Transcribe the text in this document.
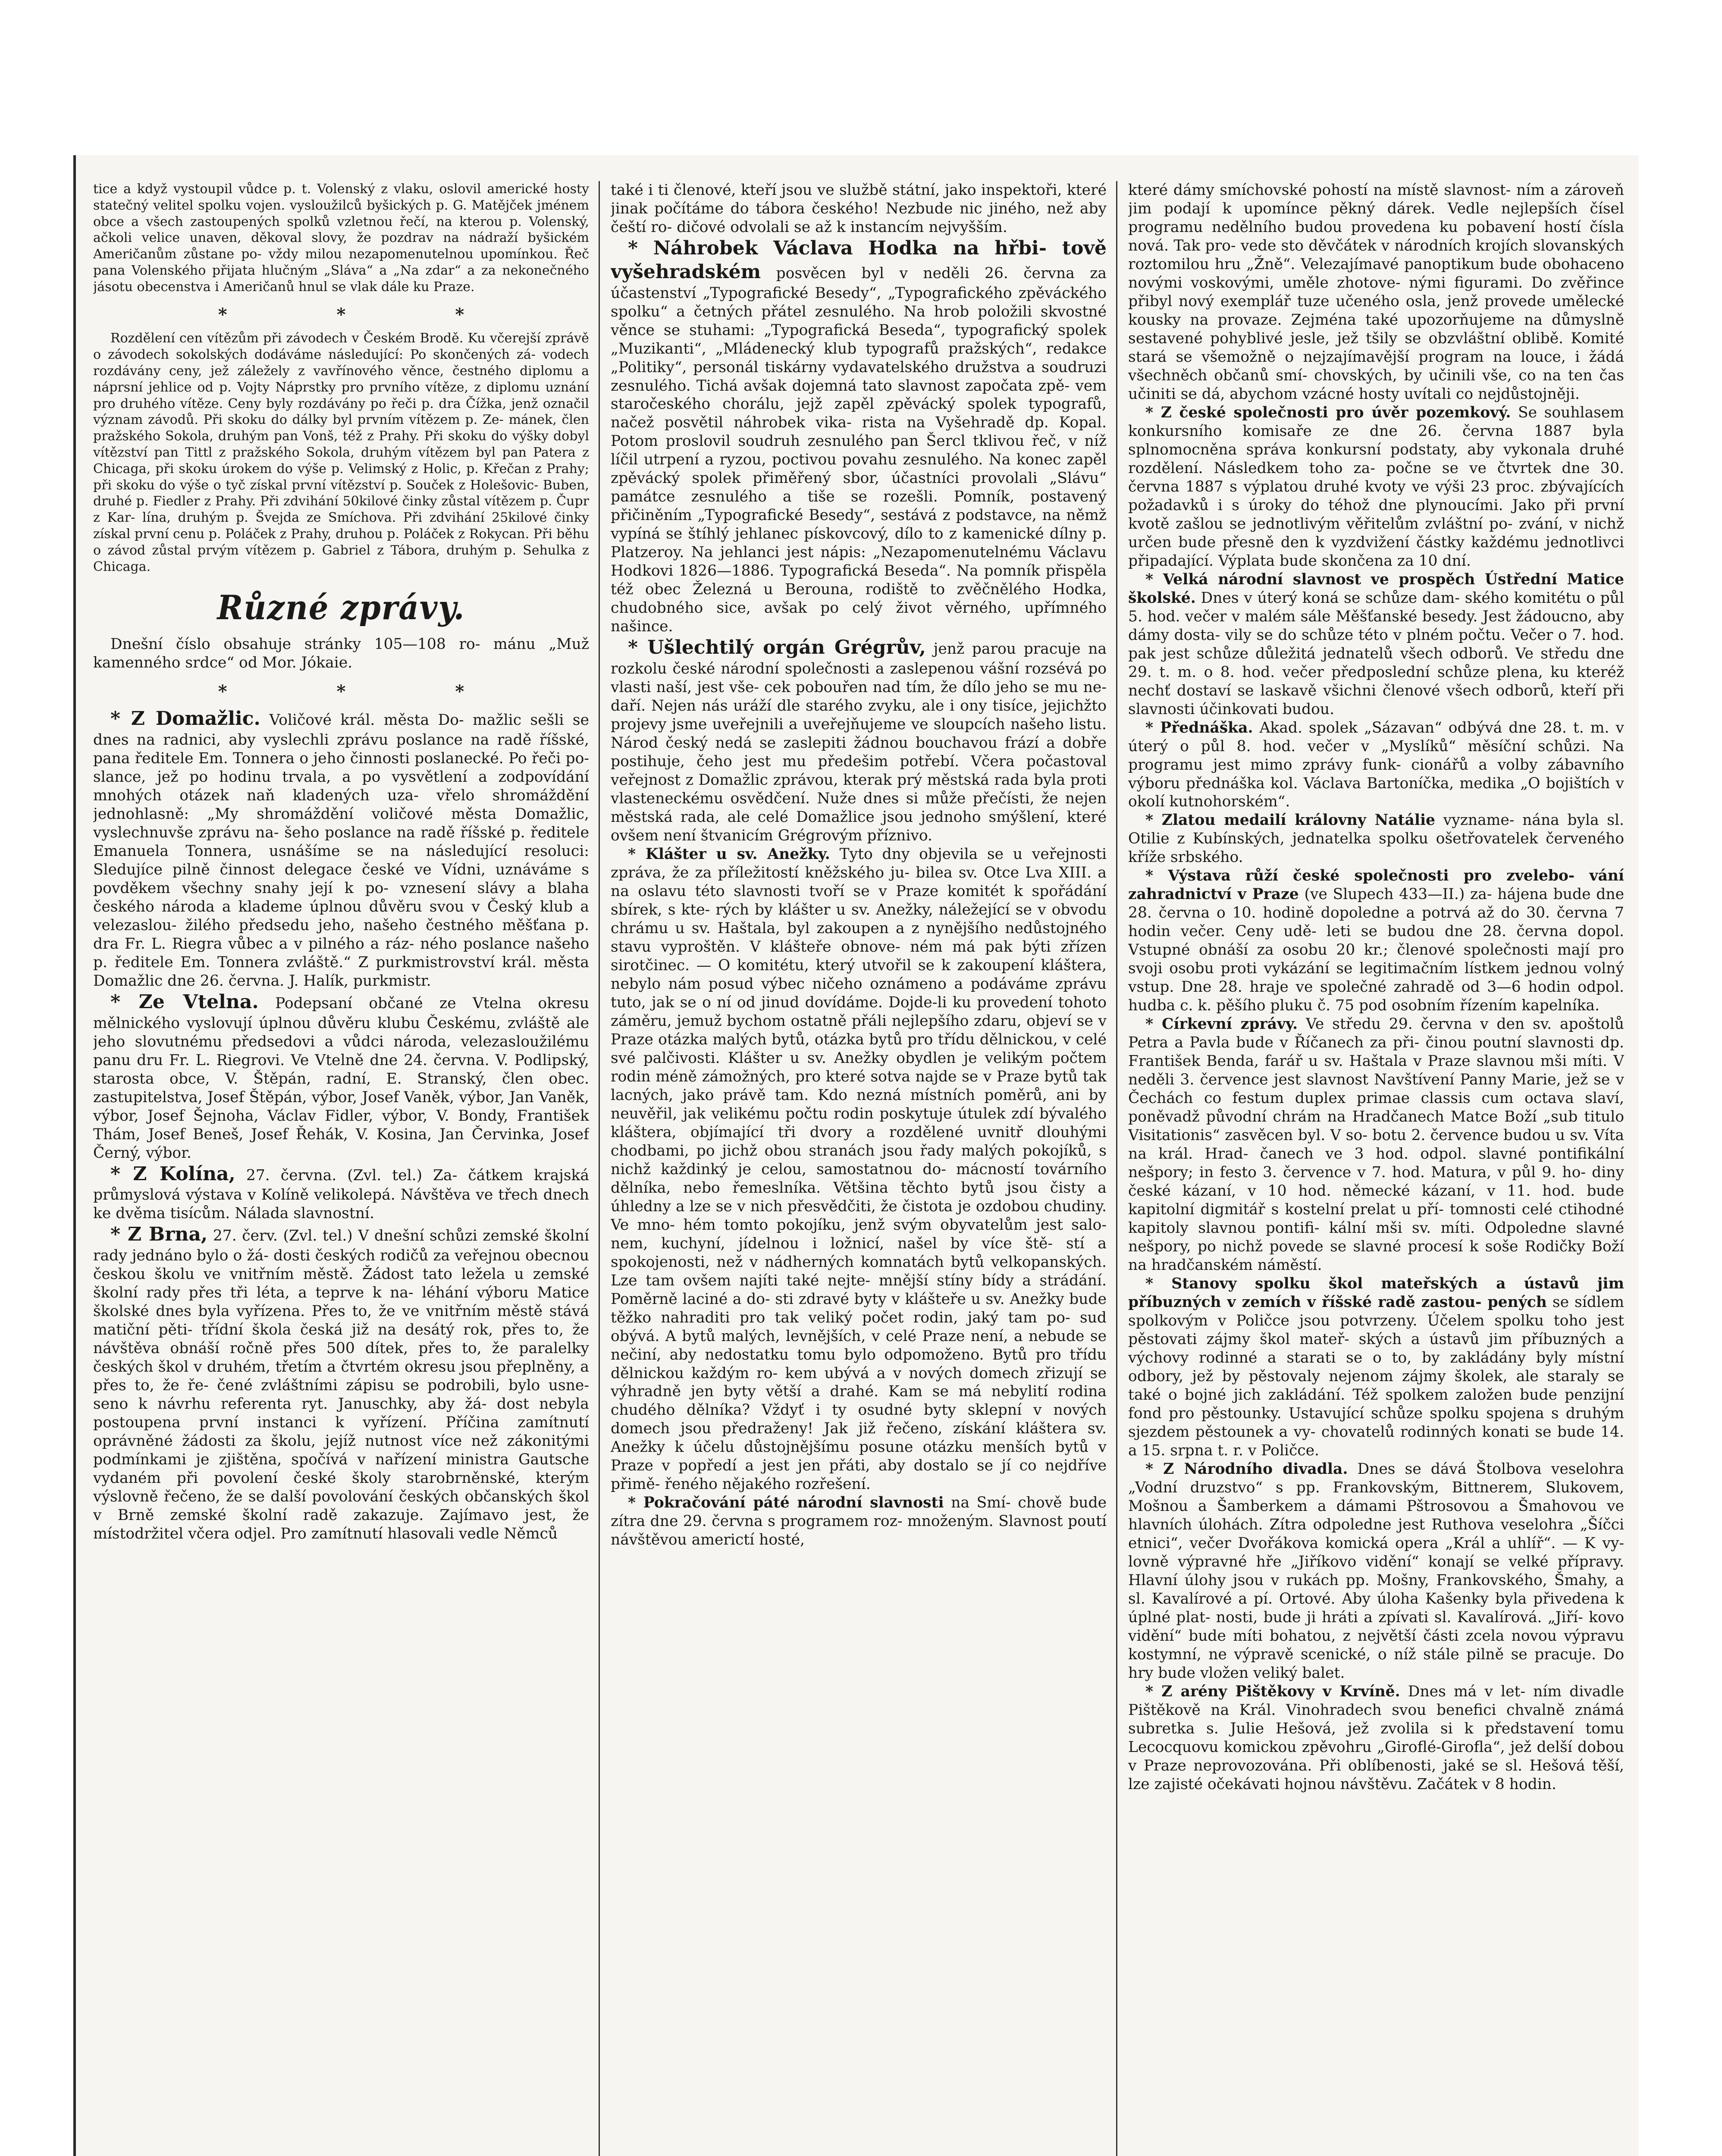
tice a když vystoupil vůdce p. t. Volenský z vlaku, oslovil americké hosty statečný velitel spolku vojen. vysloužilců byšických p. G. Matějček jménem obce a všech zastoupených spolků vzletnou řečí, na kterou p. Volenský, ačkoli velice unaven, děkoval slovy, že pozdrav na nádraží byšickém Američanům zůstane po- vždy milou nezapomenutelnou upomínkou. Řeč pana Volenského přijata hlučným „Sláva“ a „Na zdar“ a za nekonečného jásotu obecenstva i Američanů hnul se vlak dále ku Praze.

* * *

Rozdělení cen vítězům při závodech v Českém Brodě. Ku včerejší zprávě o závodech sokolských dodáváme následující: Po skončených zá- vodech rozdávány ceny, jež záležely z vavřínového věnce, čestného diplomu a náprsní jehlice od p. Vojty Náprstky pro prvního vítěze, z diplomu uznání pro druhého vítěze. Ceny byly rozdávány po řeči p. dra Čížka, jenž označil význam závodů. Při skoku do dálky byl prvním vítězem p. Ze- mánek, člen pražského Sokola, druhým pan Vonš, též z Prahy. Při skoku do výšky dobyl vítězství pan Tittl z pražského Sokola, druhým vítězem byl pan Patera z Chicaga, při skoku úrokem do výše p. Velimský z Holic, p. Křečan z Prahy; při skoku do výše o tyč získal první vítězství p. Souček z Holešovic- Buben, druhé p. Fiedler z Prahy. Při zdvihání 50kilové činky zůstal vítězem p. Čupr z Kar- lína, druhým p. Švejda ze Smíchova. Při zdvihání 25kilové činky získal první cenu p. Poláček z Prahy, druhou p. Poláček z Rokycan. Při běhu o závod zůstal prvým vítězem p. Gabriel z Tábora, druhým p. Sehulka z Chicaga.

Různé zprávy.

Dnešní číslo obsahuje stránky 105—108 ro- mánu „Muž kamenného srdce“ od Mor. Jókaie.

* * *

* Z Domažlic. Voličové král. města Do- mažlic sešli se dnes na radnici, aby vyslechli zprávu poslance na radě říšské, pana ředitele Em. Tonnera o jeho činnosti poslanecké. Po řeči po- slance, jež po hodinu trvala, a po vysvětlení a zodpovídání mnohých otázek naň kladených uza- vřelo shromáždění jednohlasně: „My shromáždění voličové města Domažlic, vyslechnuvše zprávu na- šeho poslance na radě říšské p. ředitele Emanuela Tonnera, usnášíme se na následující resoluci: Sledujíce pilně činnost delegace české ve Vídni, uznáváme s povděkem všechny snahy její k po- vznesení slávy a blaha českého národa a klademe úplnou důvěru svou v Český klub a velezaslou- žilého předsedu jeho, našeho čestného měšťana p. dra Fr. L. Riegra vůbec a v pilného a ráz- ného poslance našeho p. ředitele Em. Tonnera zvláště.“ Z purkmistrovství král. města Domažlic dne 26. června. J. Halík, purkmistr.

* Ze Vtelna. Podepsaní občané ze Vtelna okresu mělnického vyslovují úplnou důvěru klubu Českému, zvláště ale jeho slovutnému předsedovi a vůdci národa, velezasloužilému panu dru Fr. L. Riegrovi. Ve Vtelně dne 24. června. V. Podlipský, starosta obce, V. Štěpán, radní, E. Stranský, člen obec. zastupitelstva, Josef Štěpán, výbor, Josef Vaněk, výbor, Jan Vaněk, výbor, Josef Šejnoha, Václav Fidler, výbor, V. Bondy, František Thám, Josef Beneš, Josef Řehák, V. Kosina, Jan Červinka, Josef Černý, výbor.

* Z Kolína, 27. června. (Zvl. tel.) Za- čátkem krajská průmyslová výstava v Kolíně velikolepá. Návštěva ve třech dnech ke dvěma tisícům. Nálada slavnostní.

* Z Brna, 27. červ. (Zvl. tel.) V dnešní schůzi zemské školní rady jednáno bylo o žá- dosti českých rodičů za veřejnou obecnou českou školu ve vnitřním městě. Žádost tato ležela u zemské školní rady přes tři léta, a teprve k na- léhání výboru Matice školské dnes byla vyřízena. Přes to, že ve vnitřním městě stává matiční pěti- třídní škola česká již na desátý rok, přes to, že návštěva obnáší ročně přes 500 dítek, přes to, že paralelky českých škol v druhém, třetím a čtvrtém okresu jsou přeplněny, a přes to, že ře- čené zvláštními zápisu se podrobili, bylo usne- seno k návrhu referenta ryt. Januschky, aby žá- dost nebyla postoupena první instanci k vyřízení. Příčina zamítnutí oprávněné žádosti za školu, jejíž nutnost více než zákonitými podmínkami je zjištěna, spočívá v nařízení ministra Gautsche vydaném při povolení české školy starobrněnské, kterým výslovně řečeno, že se další povolování českých občanských škol v Brně zemské školní radě zakazuje. Zajímavo jest, že místodržitel včera odjel. Pro zamítnutí hlasovali vedle Němců

také i ti členové, kteří jsou ve službě státní, jako inspektoři, které jinak počítáme do tábora českého! Nezbude nic jiného, než aby čeští ro- dičové odvolali se až k instancím nejvyšším.

* Náhrobek Václava Hodka na hřbi- tově vyšehradském posvěcen byl v neděli 26. června za účastenství „Typografické Besedy“, „Typografického zpěváckého spolku“ a četných přátel zesnulého. Na hrob položili skvostné věnce se stuhami: „Typografická Beseda“, typografický spolek „Muzikanti“, „Mládenecký klub typografů pražských“, redakce „Politiky“, personál tiskárny vydavatelského družstva a soudruzi zesnulého. Tichá avšak dojemná tato slavnost započata zpě- vem staročeského chorálu, jejž zapěl zpěvácký spolek typografů, načež posvětil náhrobek vika- rista na Vyšehradě dp. Kopal. Potom proslovil soudruh zesnulého pan Šercl tklivou řeč, v níž líčil utrpení a ryzou, poctivou povahu zesnulého. Na konec zapěl zpěvácký spolek přiměřený sbor, účastníci provolali „Slávu“ památce zesnulého a tiše se rozešli. Pomník, postavený přičiněním „Typografické Besedy“, sestává z podstavce, na němž vypíná se štíhlý jehlanec pískovcový, dílo to z kamenické dílny p. Platzeroy. Na jehlanci jest nápis: „Nezapomenutelnému Václavu Hodkovi 1826—1886. Typografická Beseda“. Na pomník přispěla též obec Železná u Berouna, rodiště to zvěčnělého Hodka, chudobného sice, avšak po celý život věrného, upřímného našince.

* Ušlechtilý orgán Grégrův, jenž parou pracuje na rozkolu české národní společnosti a zaslepenou vášní rozsévá po vlasti naší, jest vše- cek pobouřen nad tím, že dílo jeho se mu ne- daří. Nejen nás uráží dle starého zvyku, ale i ony tisíce, jejichžto projevy jsme uveřejnili a uveřejňujeme ve sloupcích našeho listu. Národ český nedá se zaslepiti žádnou bouchavou frází a dobře postihuje, čeho jest mu předešim potřebí. Včera počastoval veřejnost z Domažlic zprávou, kterak prý městská rada byla proti vlasteneckému osvědčení. Nuže dnes si může přečísti, že nejen městská rada, ale celé Domažlice jsou jednoho smýšlení, které ovšem není štvanicím Grégrovým příznivo.

* Klášter u sv. Anežky. Tyto dny objevila se u veřejnosti zpráva, že za příležitostí kněžského ju- bilea sv. Otce Lva XIII. a na oslavu této slavnosti tvoří se v Praze komitét k spořádání sbírek, s kte- rých by klášter u sv. Anežky, náležející se v obvodu chrámu u sv. Haštala, byl zakoupen a z nynějšího nedůstojného stavu vyproštěn. V klášteře obnove- ném má pak býti zřízen sirotčinec. — O komitétu, který utvořil se k zakoupení kláštera, nebylo nám posud výbec ničeho oznámeno a podáváme zprávu tuto, jak se o ní od jinud dovídáme. Dojde-li ku provedení tohoto záměru, jemuž bychom ostatně přáli nejlepšího zdaru, objeví se v Praze otázka malých bytů, otázka bytů pro třídu dělnickou, v celé své palčivosti. Klášter u sv. Anežky obydlen je velikým počtem rodin méně zámožných, pro které sotva najde se v Praze bytů tak lacných, jako právě tam. Kdo nezná místních poměrů, ani by neuvěřil, jak velikému počtu rodin poskytuje útulek zdí bývalého kláštera, objímající tři dvory a rozdělené uvnitř dlouhými chodbami, po jichž obou stranách jsou řady malých pokojíků, s nichž každinký je celou, samostatnou do- mácností továrního dělníka, nebo řemeslníka. Většina těchto bytů jsou čisty a úhledny a lze se v nich přesvědčiti, že čistota je ozdobou chudiny. Ve mno- hém tomto pokojíku, jenž svým obyvatelům jest salo- nem, kuchyní, jídelnou i ložnicí, našel by více ště- stí a spokojenosti, než v nádherných komnatách bytů velkopanských. Lze tam ovšem najíti také nejte- mnější stíny bídy a strádání. Poměrně laciné a do- sti zdravé byty v klášteře u sv. Anežky bude těžko nahraditi pro tak veliký počet rodin, jaký tam po- sud obývá. A bytů malých, levnějších, v celé Praze není, a nebude se nečiní, aby nedostatku tomu bylo odpomoženo. Bytů pro třídu dělnickou každým ro- kem ubývá a v nových domech zřizují se výhradně jen byty větší a drahé. Kam se má nebylití rodina chudého dělníka? Vždyť i ty osudné byty sklepní v nových domech jsou předraženy! Jak již řečeno, získání kláštera sv. Anežky k účelu důstojnějšímu posune otázku menších bytů v Praze v popředí a jest jen přáti, aby dostalo se jí co nejdříve přimě- řeného nějakého rozřešení.

* Pokračování páté národní slavnosti na Smí- chově bude zítra dne 29. června s programem roz- množeným. Slavnost poutí návštěvou americtí hosté,

které dámy smíchovské pohostí na místě slavnost- ním a zároveň jim podají k upomínce pěkný dárek. Vedle nejlepších čísel programu nedělního budou provedena ku pobavení hostí čísla nová. Tak pro- vede sto děvčátek v národních krojích slovanských roztomilou hru „Žně“. Velezajímavé panoptikum bude obohaceno novými voskovými, uměle zhotove- nými figurami. Do zvěřince přibyl nový exemplář tuze učeného osla, jenž provede umělecké kousky na provaze. Zejména také upozorňujeme na důmyslně sestavené pohyblivé jesle, jež tšily se obzvláštní oblibě. Komité stará se všemožně o nejzajímavější program na louce, i žádá všechněch občanů smí- chovských, by učinili vše, co na ten čas učiniti se dá, abychom vzácné hosty uvítali co nejdůstojněji.

* Z české společnosti pro úvěr pozemkový. Se souhlasem konkursního komisaře ze dne 26. června 1887 byla splnomocněna správa konkursní podstaty, aby vykonala druhé rozdělení. Následkem toho za- počne se ve čtvrtek dne 30. června 1887 s výplatou druhé kvoty ve výši 23 proc. zbývajících požadavků i s úroky do téhož dne plynoucími. Jako při první kvotě zašlou se jednotlivým věřitelům zvláštní po- zvání, v nichž určen bude přesně den k vyzdvižení částky každému jednotlivci připadající. Výplata bude skončena za 10 dní.

* Velká národní slavnost ve prospěch Ústřední Matice školské. Dnes v úterý koná se schůze dam- ského komitétu o půl 5. hod. večer v malém sále Měšťanské besedy. Jest žádoucno, aby dámy dosta- vily se do schůze této v plném počtu. Večer o 7. hod. pak jest schůze důležitá jednatelů všech odborů. Ve středu dne 29. t. m. o 8. hod. večer předposlední schůze plena, ku kteréž nechť dostaví se laskavě všichni členové všech odborů, kteří při slavnosti účinkovati budou.

* Přednáška. Akad. spolek „Sázavan“ odbývá dne 28. t. m. v úterý o půl 8. hod. večer v „Myslíků“ měsíční schůzi. Na programu jest mimo zprávy funk- cionářů a volby zábavního výboru přednáška kol. Václava Bartoníčka, medika „O bojištích v okolí kutnohorském“.

* Zlatou medailí královny Natálie vyzname- nána byla sl. Otilie z Kubínských, jednatelka spolku ošetřovatelek červeného kříže srbského.

* Výstava růží české společnosti pro zvelebo- vání zahradnictví v Praze (ve Slupech 433—II.) za- hájena bude dne 28. června o 10. hodině dopoledne a potrvá až do 30. června 7 hodin večer. Ceny udě- leti se budou dne 28. června dopol. Vstupné obnáší za osobu 20 kr.; členové společnosti mají pro svoji osobu proti vykázání se legitimačním lístkem jednou volný vstup. Dne 28. hraje ve společné zahradě od 3—6 hodin odpol. hudba c. k. pěšího pluku č. 75 pod osobním řízením kapelníka.

* Církevní zprávy. Ve středu 29. června v den sv. apoštolů Petra a Pavla bude v Říčanech za při- činou poutní slavnosti dp. František Benda, farář u sv. Haštala v Praze slavnou mši míti. V neděli 3. července jest slavnost Navštívení Panny Marie, jež se v Čechách co festum duplex primae classis cum octava slaví, poněvadž původní chrám na Hradčanech Matce Boží „sub titulo Visitationis“ zasvěcen byl. V so- botu 2. července budou u sv. Víta na král. Hrad- čanech ve 3 hod. odpol. slavné pontifikální nešpory; in festo 3. července v 7. hod. Matura, v půl 9. ho- diny české kázaní, v 10 hod. německé kázaní, v 11. hod. bude kapitolní digmitář s kostelní prelat u pří- tomnosti celé ctihodné kapitoly slavnou pontifi- kální mši sv. míti. Odpoledne slavné nešpory, po nichž povede se slavné procesí k soše Rodičky Boží na hradčanském náměstí.

* Stanovy spolku škol mateřských a ústavů jim příbuzných v zemích v říšské radě zastou- pených se sídlem spolkovým v Poličce jsou potvrzeny. Účelem spolku toho jest pěstovati zájmy škol mateř- ských a ústavů jim příbuzných a výchovy rodinné a starati se o to, by zakládány byly místní odbory, jež by pěstovaly nejenom zájmy školek, ale staraly se také o bojné jich zakládání. Též spolkem založen bude penzijní fond pro pěstounky. Ustavující schůze spolku spojena s druhým sjezdem pěstounek a vy- chovatelů rodinných konati se bude 14. a 15. srpna t. r. v Poličce.

* Z Národního divadla. Dnes se dává Štolbova veselohra „Vodní druzstvo“ s pp. Frankovským, Bittnerem, Slukovem, Mošnou a Šamberkem a dámami Pštrosovou a Šmahovou ve hlavních úlohách. Zítra odpoledne jest Ruthova veselohra „Šíčci etnici“, večer Dvořákova komická opera „Král a uhlíř“. — K vy- lovně výpravné hře „Jiříkovo vidění“ konají se velké přípravy. Hlavní úlohy jsou v rukách pp. Mošny, Frankovského, Šmahy, a sl. Kavalírové a pí. Ortové. Aby úloha Kašenky byla přivedena k úplné plat- nosti, bude ji hráti a zpívati sl. Kavalírová. „Jiří- kovo vidění“ bude míti bohatou, z největší části zcela novou výpravu kostymní, ne výpravě scenické, o níž stále pilně se pracuje. Do hry bude vložen veliký balet.

* Z arény Pištěkovy v Krvíně. Dnes má v let- ním divadle Pištěkově na Král. Vinohradech svou benefici chvalně známá subretka s. Julie Hešová, jež zvolila si k představení tomu Lecocquovu komickou zpěvohru „Giroflé-Girofla“, jež delší dobou v Praze neprovozována. Při oblíbenosti, jaké se sl. Hešová těší, lze zajisté očekávati hojnou návštěvu. Začátek v 8 hodin.
